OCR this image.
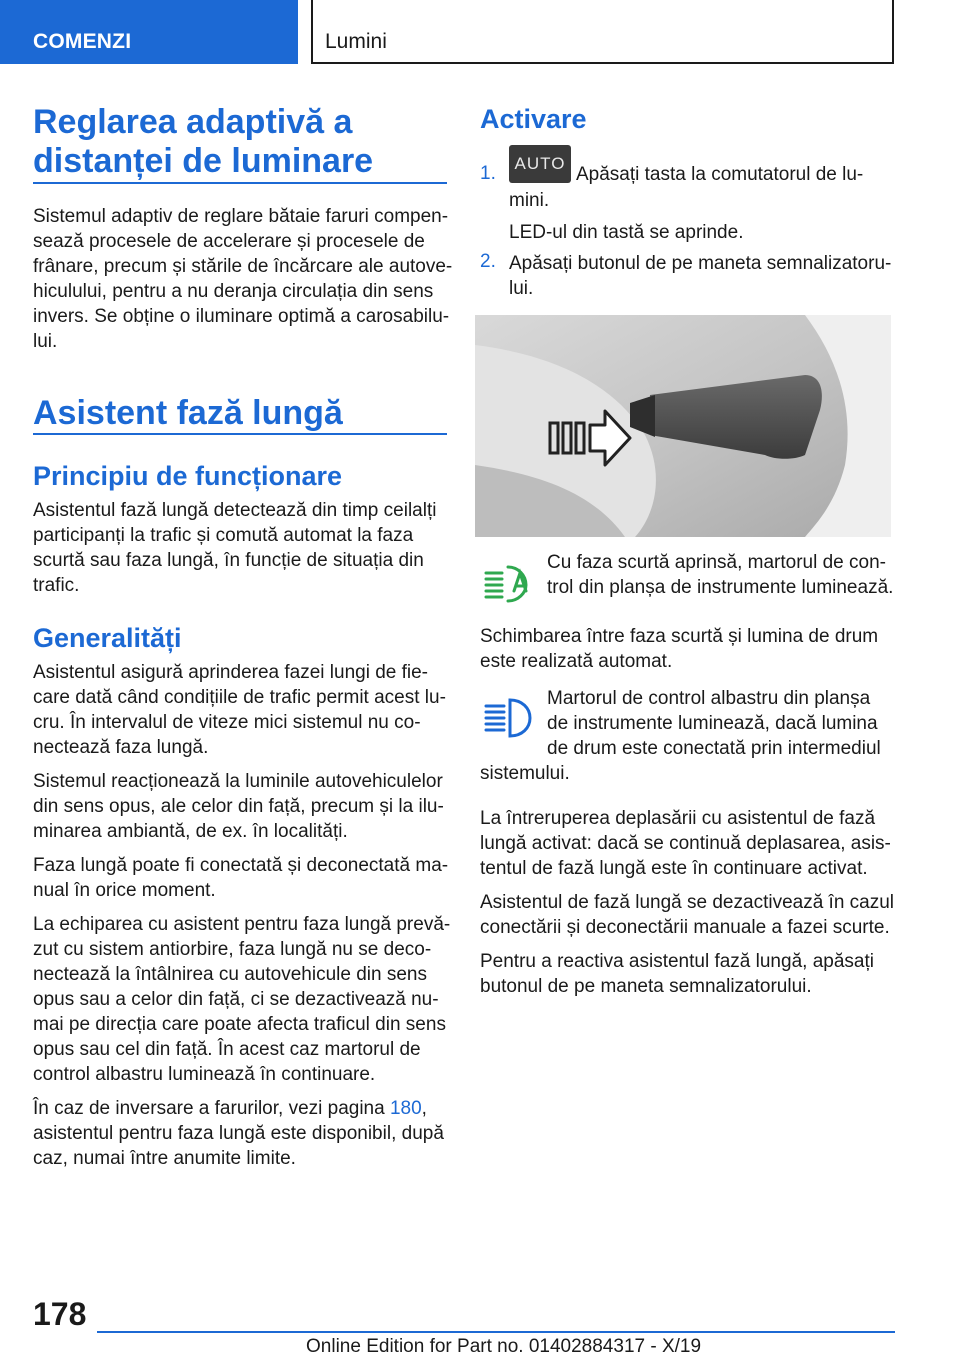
COMENZI	Lumini
Reglarea adaptivă a
distanței de luminare

Sistemul adaptiv de reglare bătaie faruri compen-

sează procesele de accelerare și procesele de

frânare, precum și stările de încărcare ale autove-

hiculului, pentru a nu deranja circulația din sens

invers. Se obține o iluminare optimă a carosabilu-

lui.

Asistent fază lungă
Principiu de funcționare

Asistentul fază lungă detectează din timp ceilalți

participanți la trafic și comută automat la faza

scurtă sau faza lungă, în funcție de situația din

trafic.

Generalități

Asistentul asigură aprinderea fazei lungi de fie-

care dată când condițiile de trafic permit acest lu-

cru. În intervalul de viteze mici sistemul nu co-

nectează faza lungă.

Sistemul reacționează la luminile autovehiculelor

din sens opus, ale celor din față, precum și la ilu-

minarea ambiantă, de ex. în localități.

Faza lungă poate fi conectată și deconectată ma-

nual în orice moment.

La echiparea cu asistent pentru faza lungă prevă-

zut cu sistem antiorbire, faza lungă nu se deco-

nectează la întâlnirea cu autovehicule din sens

opus sau a celor din față, ci se dezactivează nu-

mai pe direcția care poate afecta traficul din sens

opus sau cel din față. În acest caz martorul de

control albastru luminează în continuare.

În caz de inversare a farurilor, vezi pagina 180,

asistentul pentru faza lungă este disponibil, după

caz, numai între anumite limite.

Activare
1. AUTO

Apăsați tasta la comutatorul de lu-

mini.

LED-ul din tastă se aprinde.

2. Apăsați butonul de pe maneta semnalizatoru-

lui.

Cu faza scurtă aprinsă, martorul de con-

trol din planșa de instrumente luminează.

Schimbarea între faza scurtă și lumina de drum

este realizată automat.

Martorul de control albastru din planșa

de instrumente luminează, dacă lumina

de drum este conectată prin intermediul

sistemului.

La întreruperea deplasării cu asistentul de fază

lungă activat: dacă se continuă deplasarea, asis-

tentul de fază lungă este în continuare activat.

Asistentul de fază lungă se dezactivează în cazul

conectării și deconectării manuale a fazei scurte.

Pentru a reactiva asistentul fază lungă, apăsați

butonul de pe maneta semnalizatorului.

178
Online Edition for Part no. 01402884317 - X/19
